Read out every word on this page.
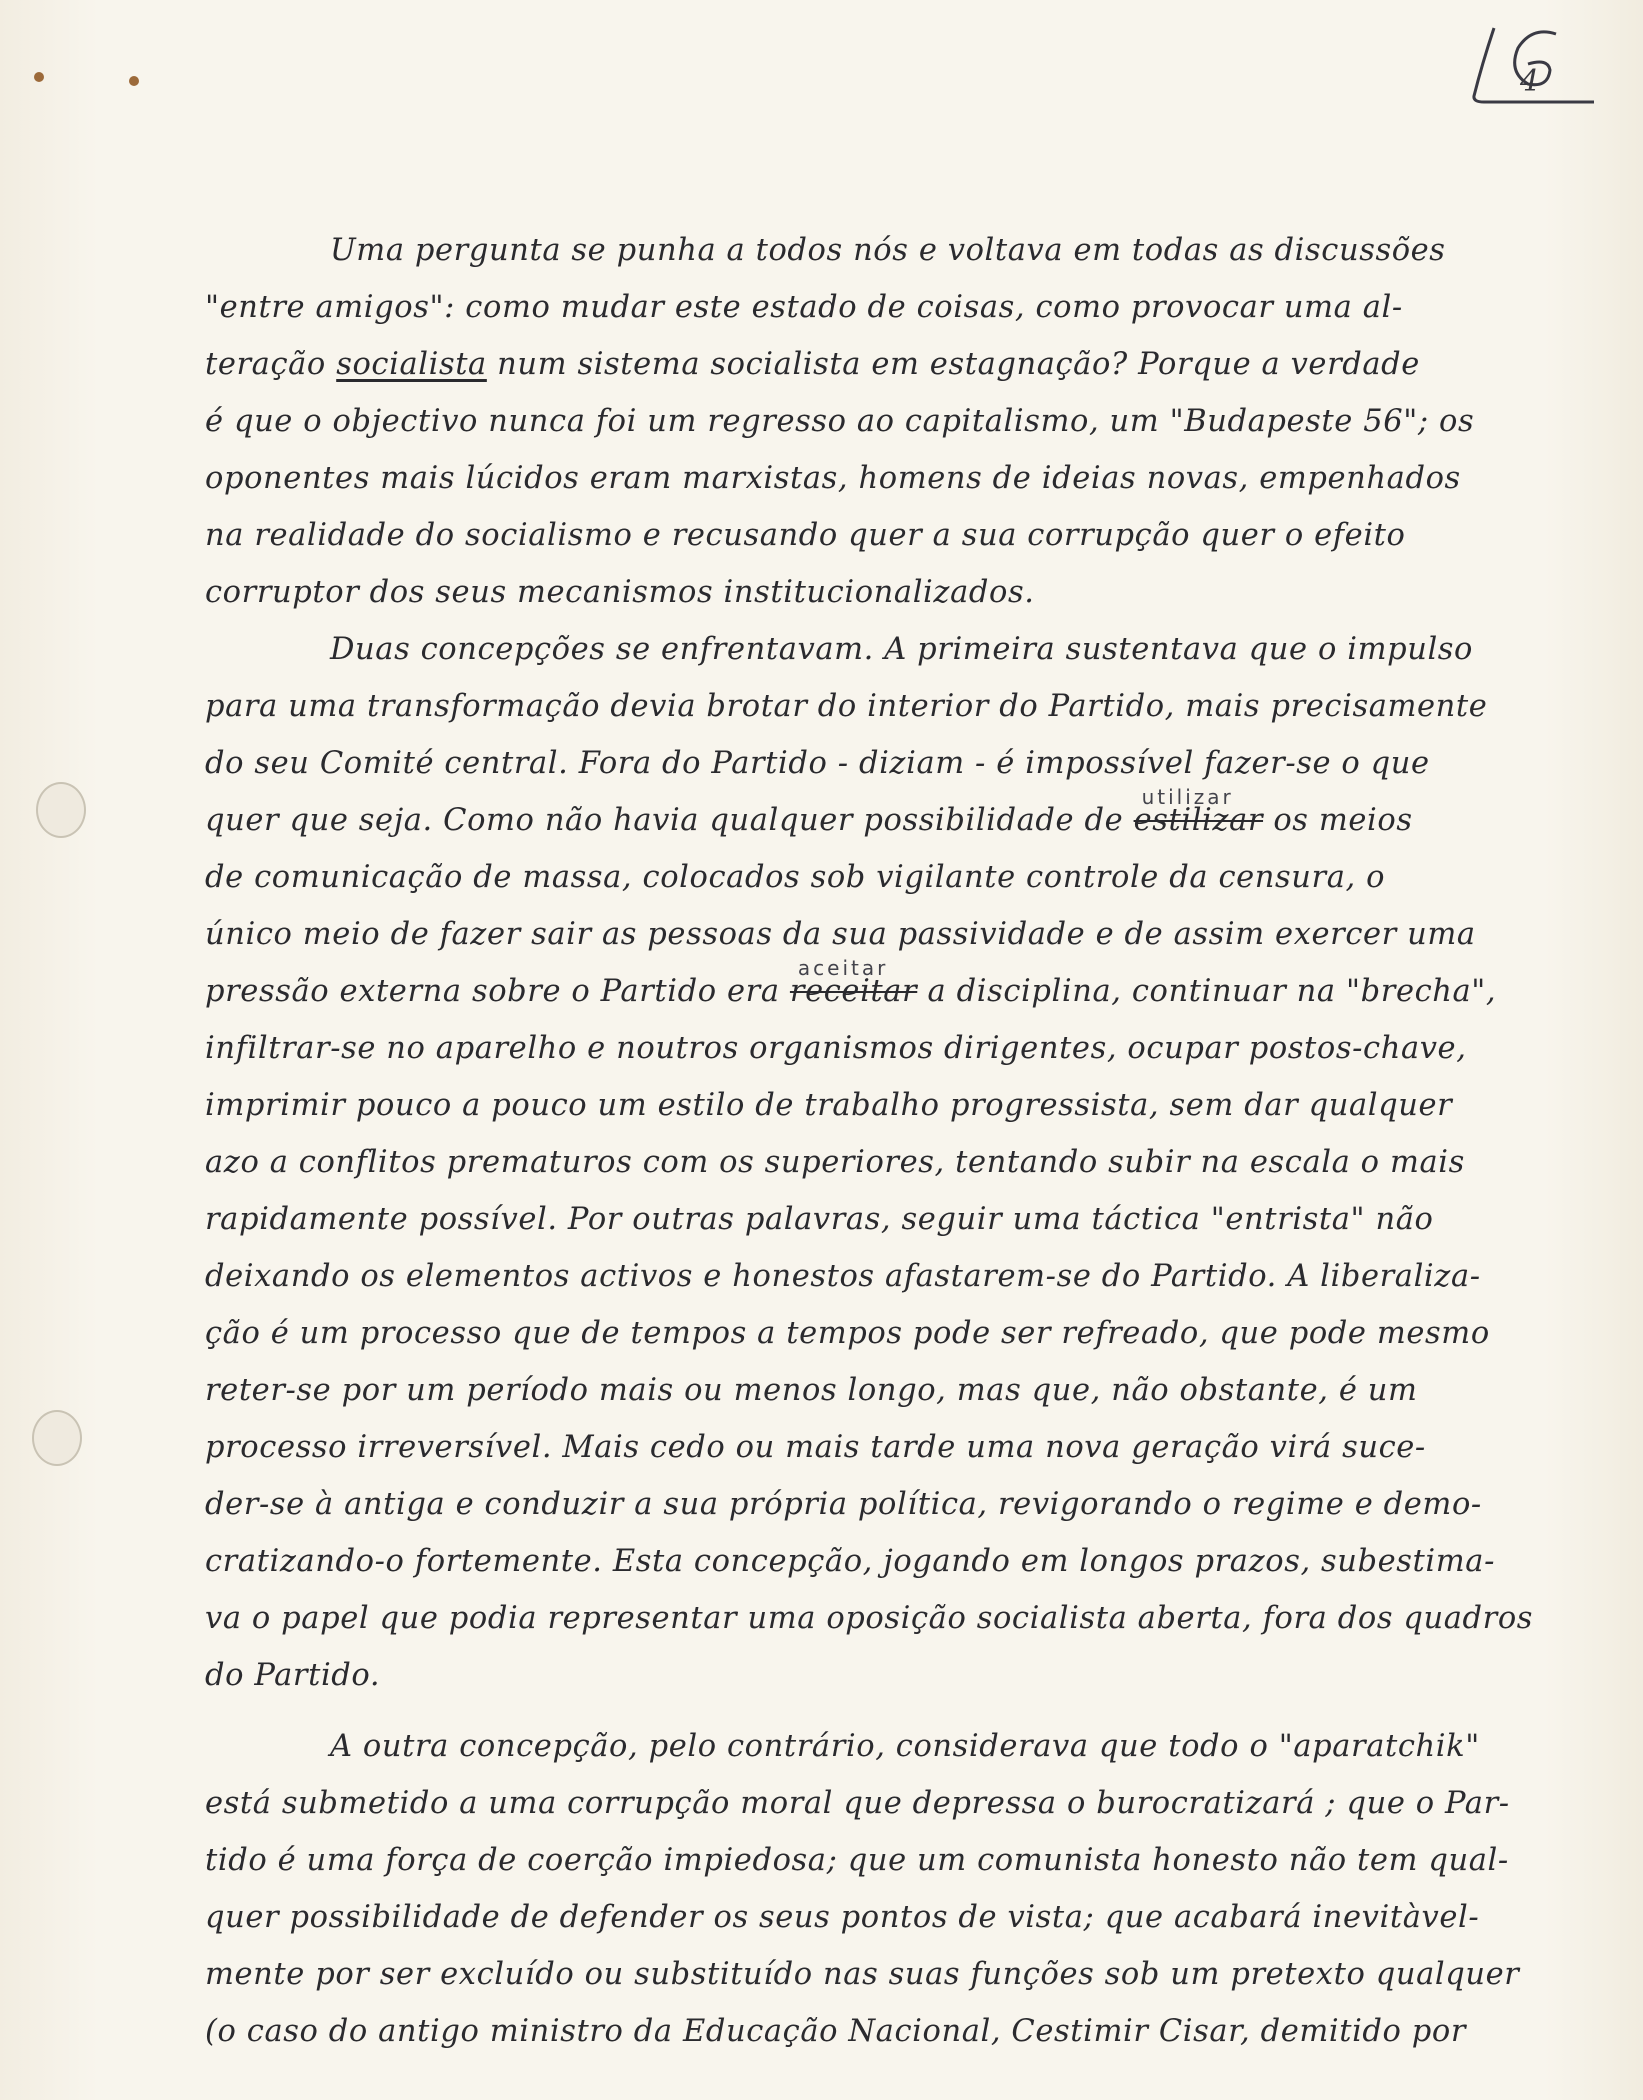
4
Uma pergunta se punha a todos nós e voltava em todas as discussões
"entre amigos": como mudar este estado de coisas, como provocar uma al-
teração socialista num sistema socialista em estagnação? Porque a verdade
é que o objectivo nunca foi um regresso ao capitalismo, um "Budapeste 56"; os
oponentes mais lúcidos eram marxistas, homens de ideias novas, empenhados
na realidade do socialismo e recusando quer a sua corrupção quer o efeito
corruptor dos seus mecanismos institucionalizados.
Duas concepções se enfrentavam. A primeira sustentava que o impulso
para uma transformação devia brotar do interior do Partido, mais precisamente
do seu Comité central. Fora do Partido - diziam - é impossível fazer-se o que
quer que seja. Como não havia qualquer possibilidade de estilizar
utilizar
os meios
de comunicação de massa, colocados sob vigilante controle da censura, o
único meio de fazer sair as pessoas da sua passividade e de assim exercer uma
pressão externa sobre o Partido era receitar
aceitar
a disciplina, continuar na "brecha",
infiltrar-se no aparelho e noutros organismos dirigentes, ocupar postos-chave,
imprimir pouco a pouco um estilo de trabalho progressista, sem dar qualquer
azo a conflitos prematuros com os superiores, tentando subir na escala o mais
rapidamente possível. Por outras palavras, seguir uma táctica "entrista" não
deixando os elementos activos e honestos afastarem-se do Partido. A liberaliza-
ção é um processo que de tempos a tempos pode ser refreado, que pode mesmo
reter-se por um período mais ou menos longo, mas que, não obstante, é um
processo irreversível. Mais cedo ou mais tarde uma nova geração virá suce-
der-se à antiga e conduzir a sua própria política, revigorando o regime e demo-
cratizando-o fortemente. Esta concepção, jogando em longos prazos, subestima-
va o papel que podia representar uma oposição socialista aberta, fora dos quadros
do Partido.
A outra concepção, pelo contrário, considerava que todo o "aparatchik"
está submetido a uma corrupção moral que depressa o burocratizará ; que o Par-
tido é uma força de coerção impiedosa; que um comunista honesto não tem qual-
quer possibilidade de defender os seus pontos de vista; que acabará inevitàvel-
mente por ser excluído ou substituído nas suas funções sob um pretexto qualquer
(o caso do antigo ministro da Educação Nacional, Cestimir Cisar, demitido por
